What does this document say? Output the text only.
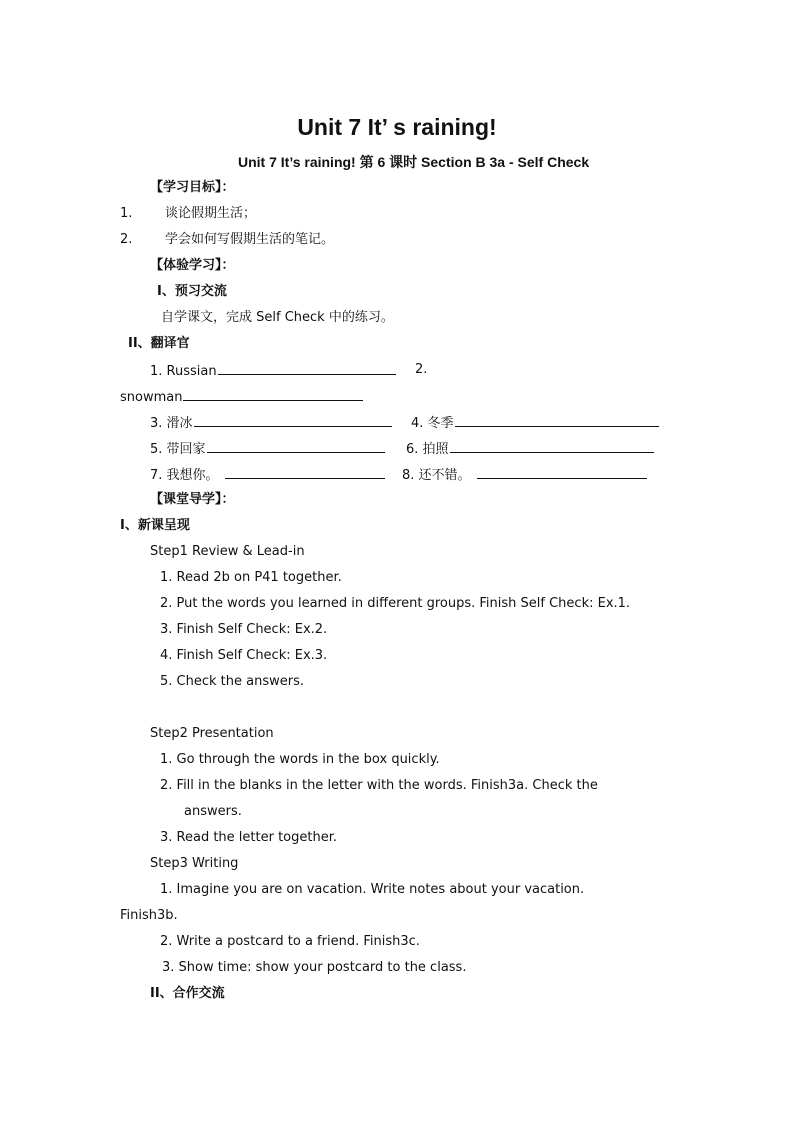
Unit 7 It’ s raining!
Unit 7 It’s raining! 第 6 课时 Section B 3a - Self Check
【学习目标】：
1.	谈论假期生活；
2.	学会如何写假期生活的笔记。
【体验学习】：
I、预习交流
自学课文，完成 Self Check 中的练习。
II、翻译官
1. Russian	2.
snowman
3. 滑冰	4. 冬季
5. 带回家	6. 拍照
7. 我想你。	8. 还不错。
【课堂导学】：
I、新课呈现
Step1 Review & Lead-in
1. Read 2b on P41 together.
2. Put the words you learned in different groups. Finish Self Check: Ex.1.
3. Finish Self Check: Ex.2.
4. Finish Self Check: Ex.3.
5. Check the answers.
Step2 Presentation
1. Go through the words in the box quickly.
2. Fill in the blanks in the letter with the words. Finish3a. Check the
answers.
3. Read the letter together.
Step3 Writing
1. Imagine you are on vacation. Write notes about your vacation.
Finish3b.
2. Write a postcard to a friend. Finish3c.
3. Show time: show your postcard to the class.
II、合作交流
